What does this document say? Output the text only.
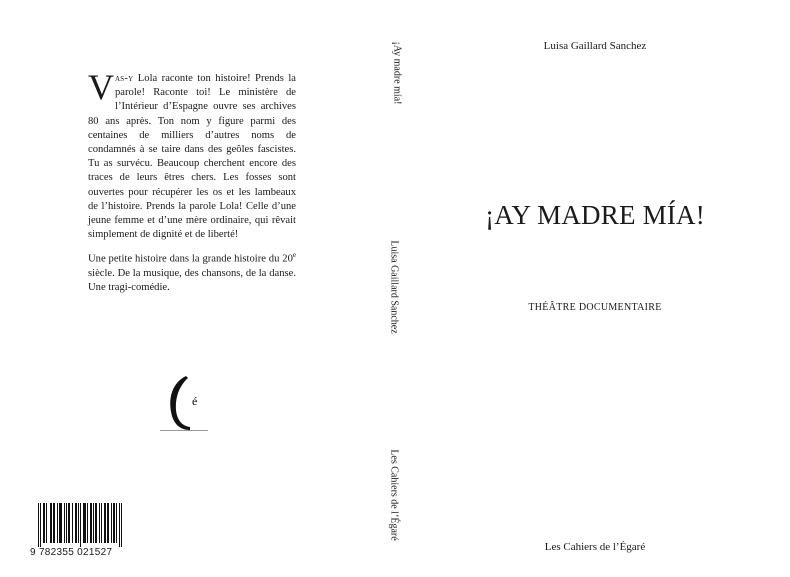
Vas-y Lola raconte ton histoire! Prends la parole! Raconte toi! Le ministère de l’Intérieur d’Espagne ouvre ses archives 80 ans après. Ton nom y figure parmi des centaines de milliers d’autres noms de condamnés à se taire dans des geôles fascistes. Tu as survécu. Beaucoup cherchent encore des traces de leurs êtres chers. Les fosses sont ouvertes pour récupérer les os et les lambeaux de l’histoire. Prends la parole Lola! Celle d’une jeune femme et d’une mère ordinaire, qui rêvait simplement de dignité et de liberté!

Une petite histoire dans la grande histoire du 20e siècle. De la musique, des chansons, de la danse. Une tragi-comédie.

é
9 782355 021527
¡Ay madre mía!
Luisa Gaillard Sanchez
Les Cahiers de l’Égaré
Luisa Gaillard Sanchez
¡AY MADRE MÍA!
THÉÂTRE DOCUMENTAIRE
Les Cahiers de l’Égaré
